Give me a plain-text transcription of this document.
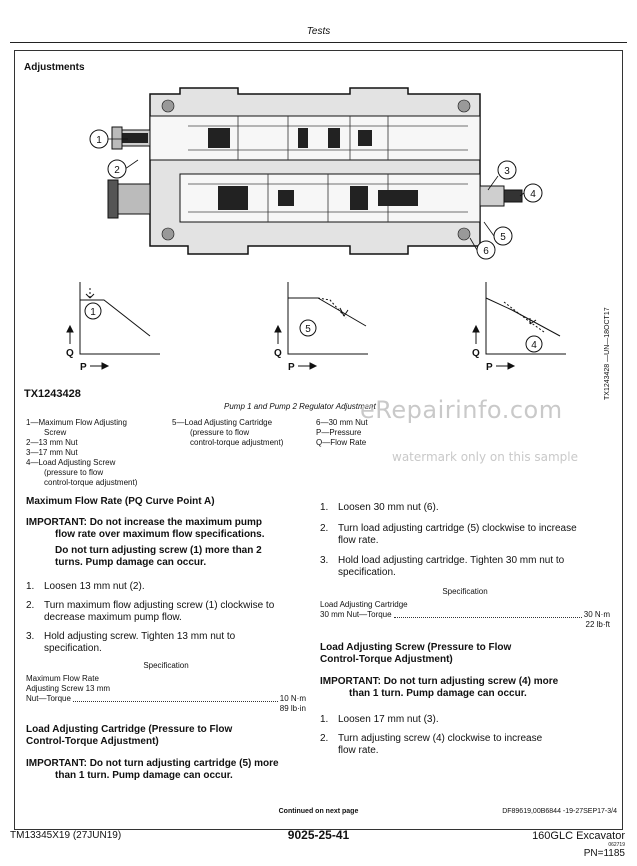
Tests
Adjustments
1
2	3
4
5
6
1
5
4
Q
P
Q
P
Q
P	TX1243428 —UN—18OCT17
TX1243428
Pump 1 and Pump 2 Regulator Adjustment
1—Maximum Flow Adjusting
Screw
2—13 mm Nut
3—17 mm Nut
4—Load Adjusting Screw
(pressure to flow
control-torque adjustment)
5—Load Adjusting Cartridge
(pressure to flow
control-torque adjustment)
6—30 mm Nut
P—Pressure
Q—Flow Rate
eRepairinfo.com
watermark only on this sample
Maximum Flow Rate (PQ Curve Point A)
IMPORTANT: Do not increase the maximum pump
flow rate over maximum flow specifications.
Do not turn adjusting screw (1) more than 2
turns. Pump damage can occur.
1. Loosen 13 mm nut (2).
2. Turn maximum flow adjusting screw (1) clockwise to
decrease maximum pump flow.
3. Hold adjusting screw. Tighten 13 mm nut to
specification.
Specification
Maximum Flow Rate
Adjusting Screw 13 mm
Nut—Torque	10 N·m
89 lb·in
Load Adjusting Cartridge (Pressure to Flow
Control-Torque Adjustment)
IMPORTANT: Do not turn adjusting cartridge (5) more
than 1 turn. Pump damage can occur.
1. Loosen 30 mm nut (6).
2. Turn load adjusting cartridge (5) clockwise to increase
flow rate.
3. Hold load adjusting cartridge. Tighten 30 mm nut to
specification.
Specification
Load Adjusting Cartridge
30 mm Nut—Torque	30 N·m
22 lb·ft
Load Adjusting Screw (Pressure to Flow
Control-Torque Adjustment)
IMPORTANT: Do not turn adjusting screw (4) more
than 1 turn. Pump damage can occur.
1. Loosen 17 mm nut (3).
2. Turn adjusting screw (4) clockwise to increase
flow rate.
Continued on next page	DF89619,00B6844 -19-27SEP17-3/4
TM13345X19 (27JUN19)	9025-25-41	160GLC Excavator
062719
PN=1185
